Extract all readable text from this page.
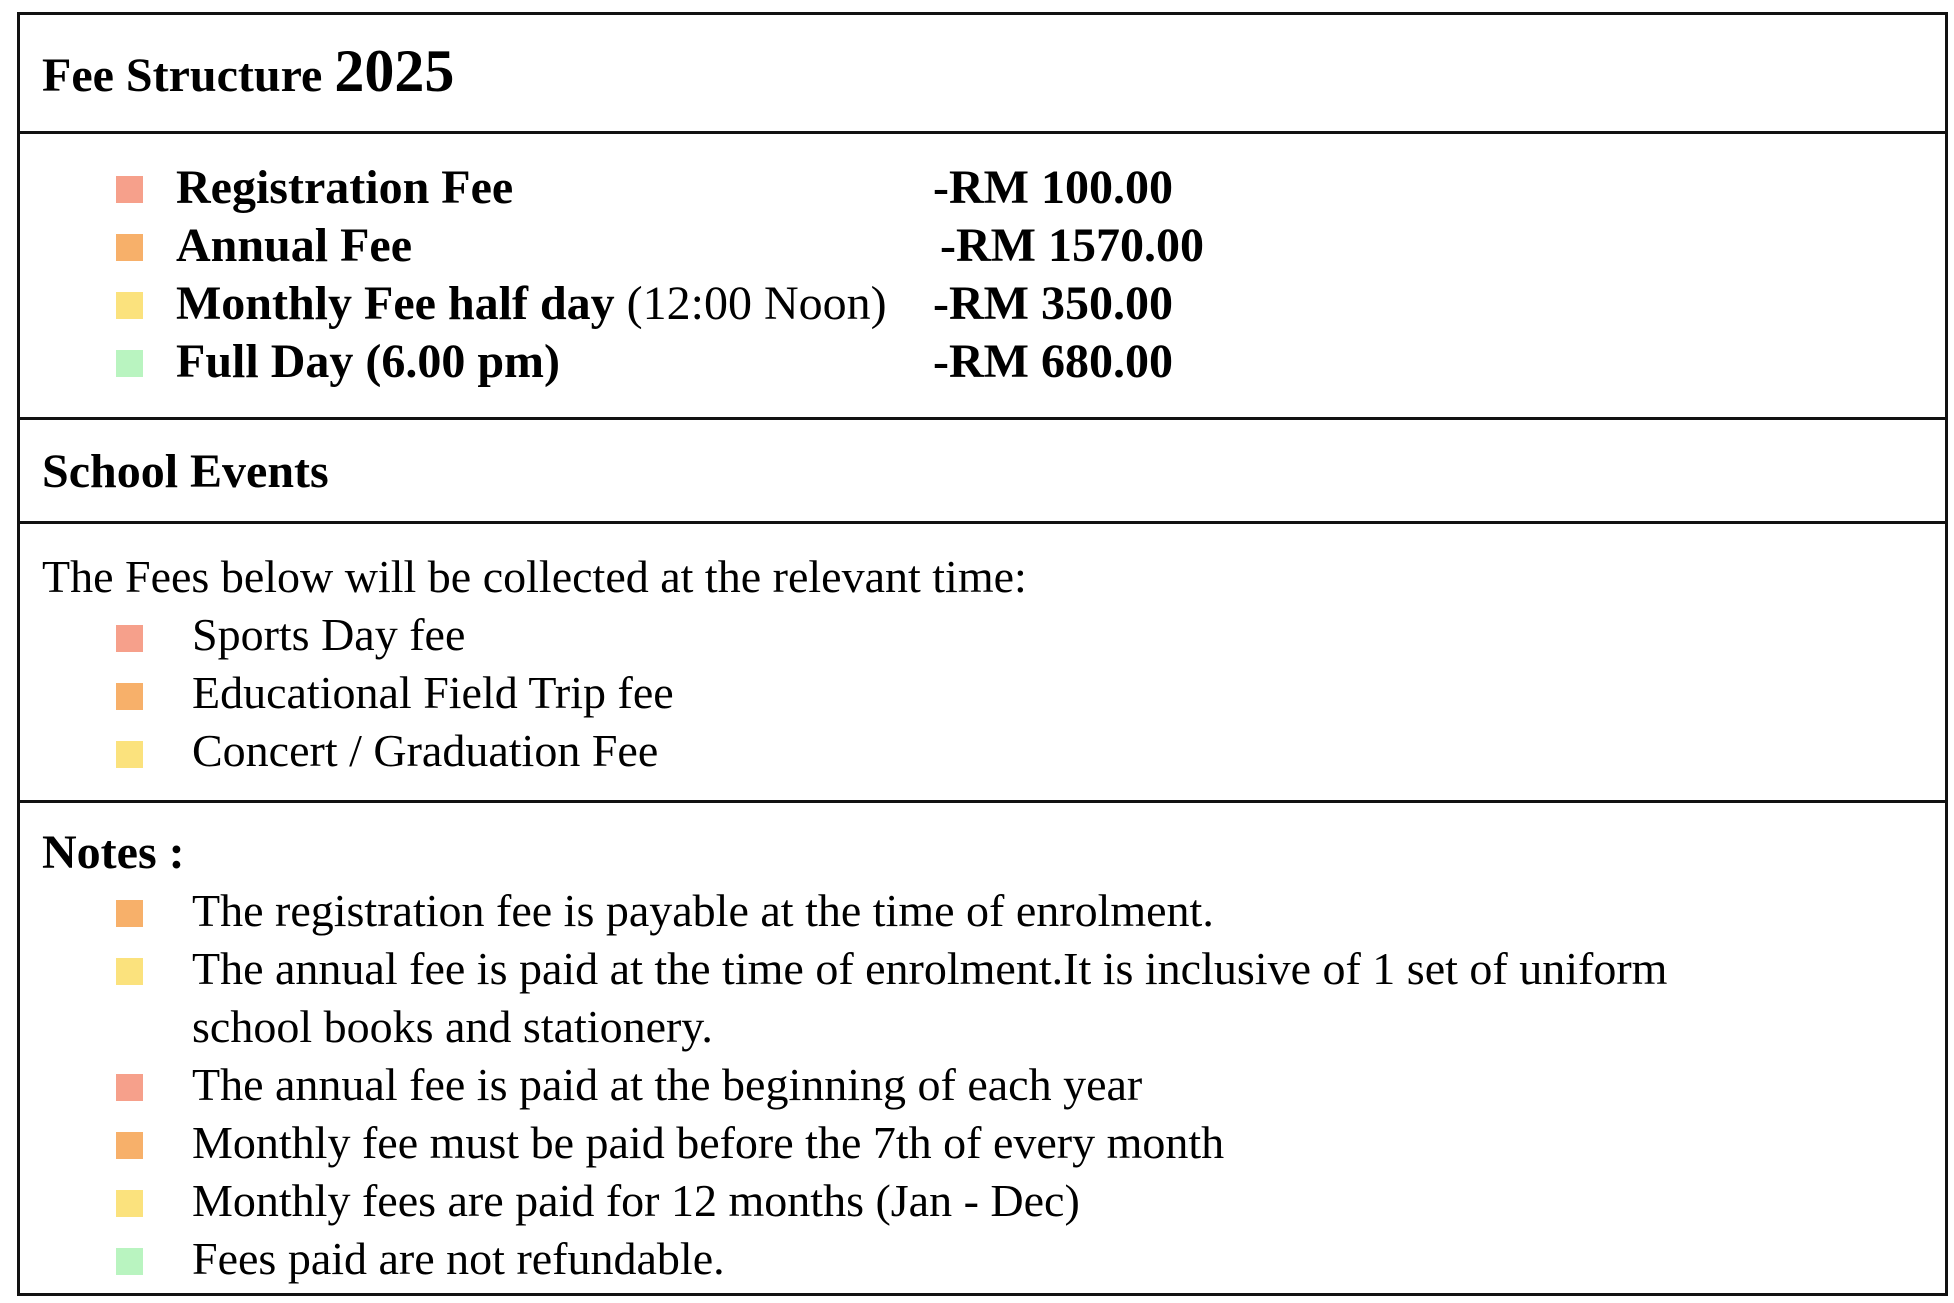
Fee Structure 2025
Registration Fee	-RM 100.00
Annual Fee	-RM 1570.00
Monthly Fee half day (12:00 Noon) -RM 350.00
Full Day (6.00 pm)	-RM 680.00
School Events
The Fees below will be collected at the relevant time:
Sports Day fee
Educational Field Trip fee
Concert / Graduation Fee
Notes :
The registration fee is payable at the time of enrolment.
The annual fee is paid at the time of enrolment.It is inclusive of 1 set of uniform
school books and stationery.
The annual fee is paid at the beginning of each year
Monthly fee must be paid before the 7th of every month
Monthly fees are paid for 12 months (Jan - Dec)
Fees paid are not refundable.
